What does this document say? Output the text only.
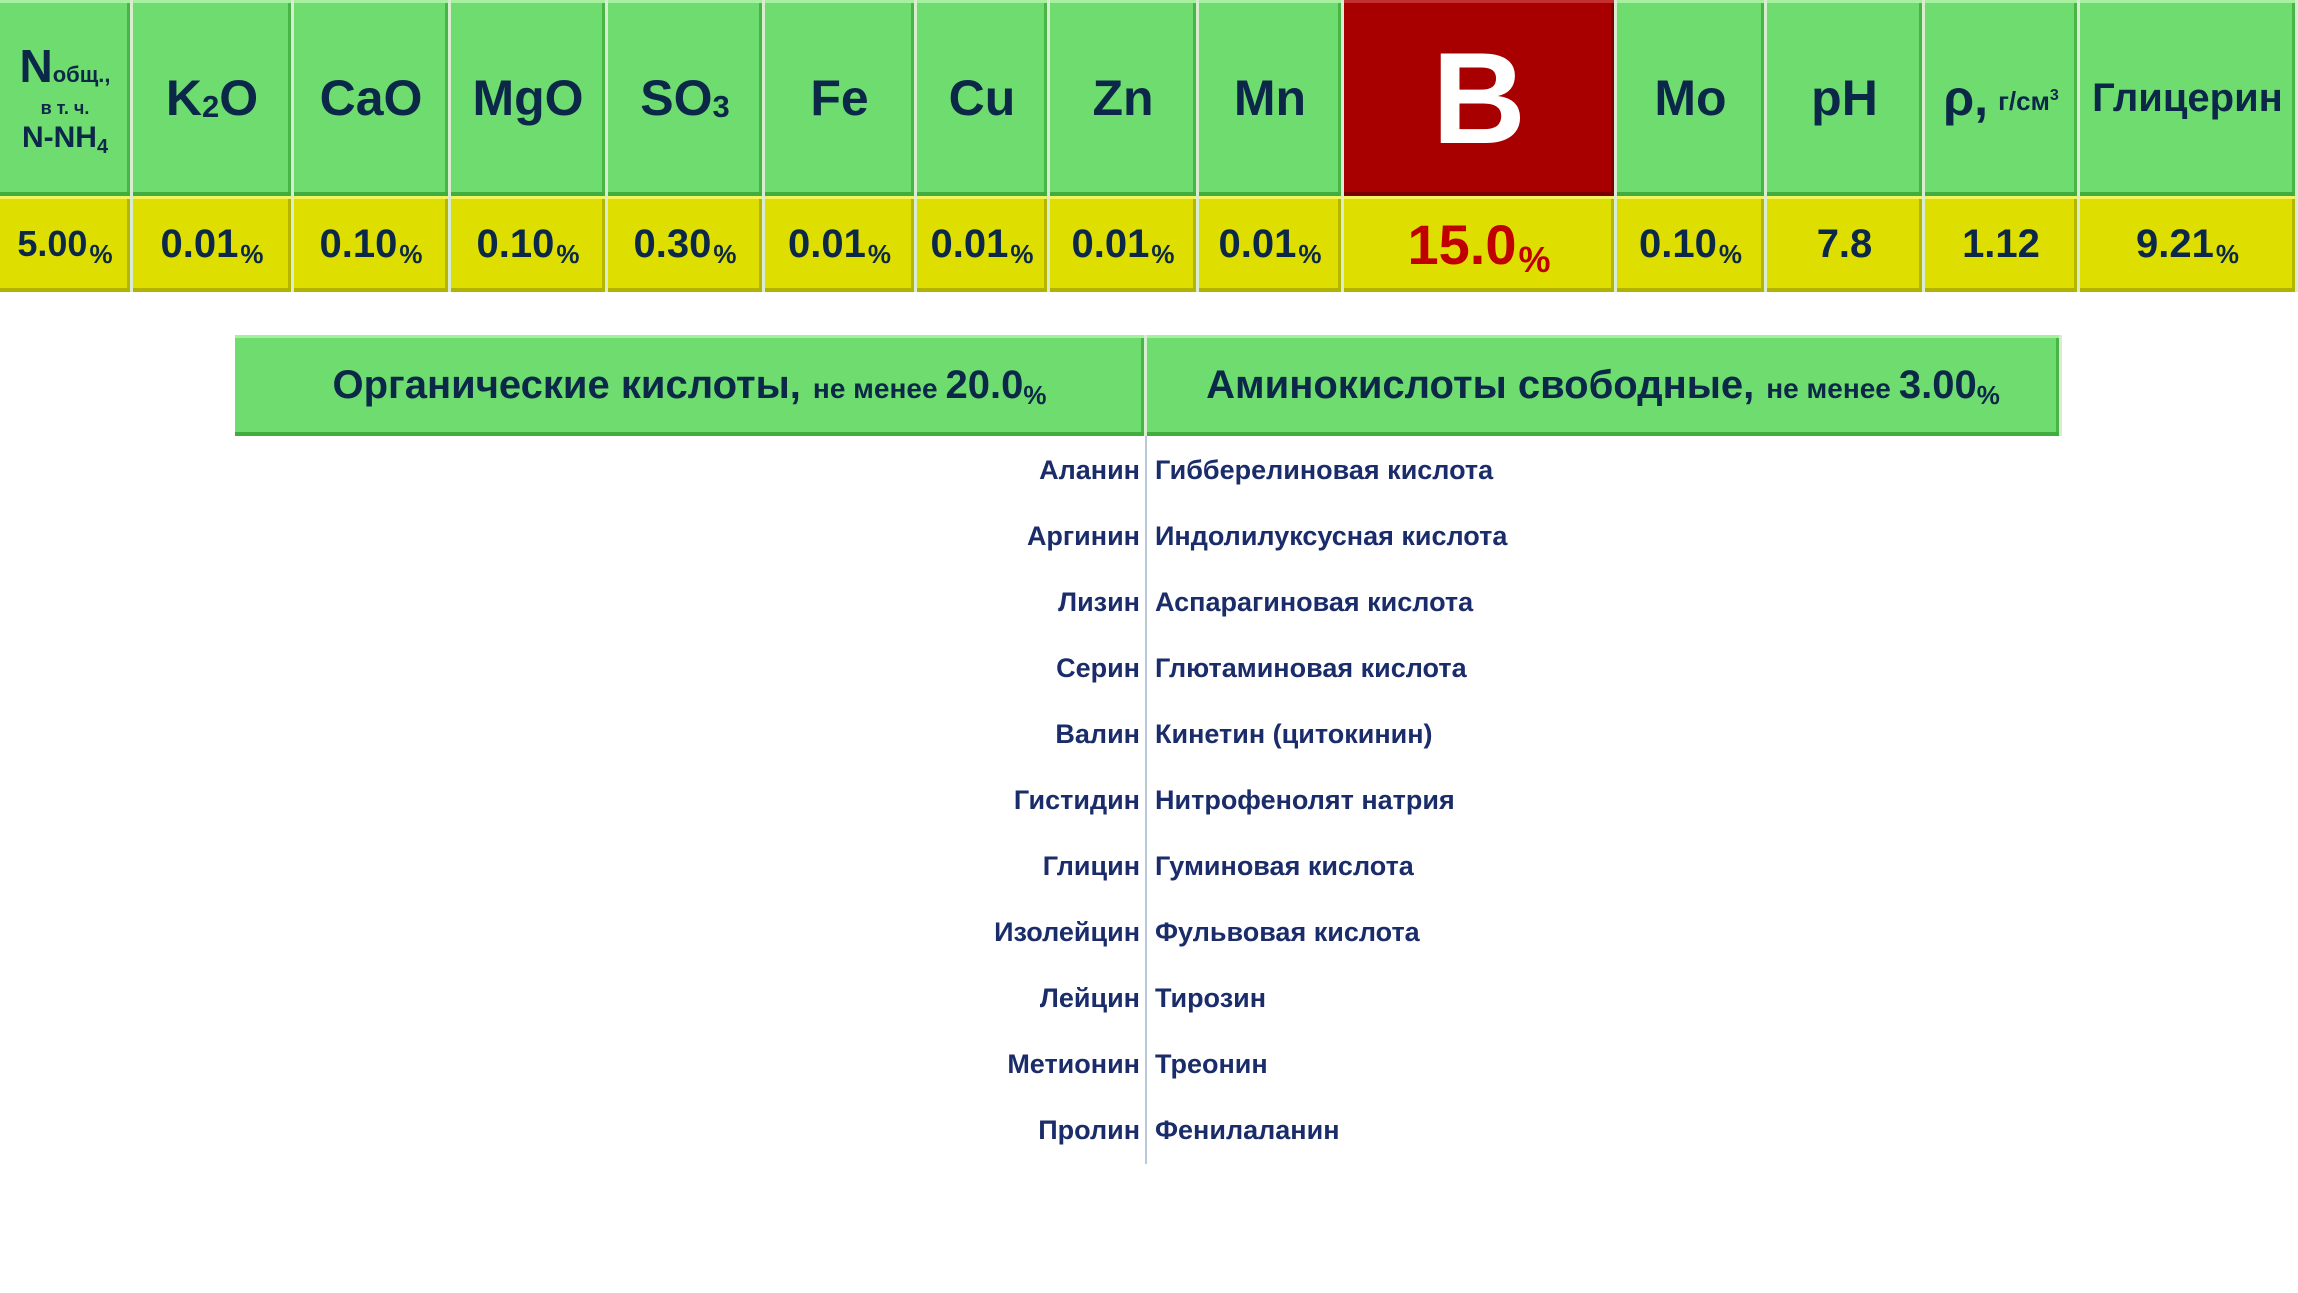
Nобщ.,
в т. ч.
$N-NH_4$
K 2 O CaO MgO SO 3 Fe Cu Zn Mn B	Mo pH ρ, $г/см^3$ Глицерин
5.00 % 0.01 % 0.10 % 0.10 % 0.30 % 0.01 % 0.01 % 0.01 % 0.01 % 15.0 % 0.10 % 7.8 1.12 9.21 %
Органические кислоты, не менее 20.0 %	Аминокислоты свободные, не менее 3.00 %
Аланин
Аргинин
Лизин
Серин
Валин
Гистидин
Глицин
Изолейцин
Лейцин
Метионин
Пролин
Гибберелиновая кислота
Индолилуксусная кислота
Аспарагиновая кислота
Глютаминовая кислота
Кинетин (цитокинин)
Нитрофенолят натрия
Гуминовая кислота
Фульвовая кислота
Тирозин
Треонин
Фенилаланин
